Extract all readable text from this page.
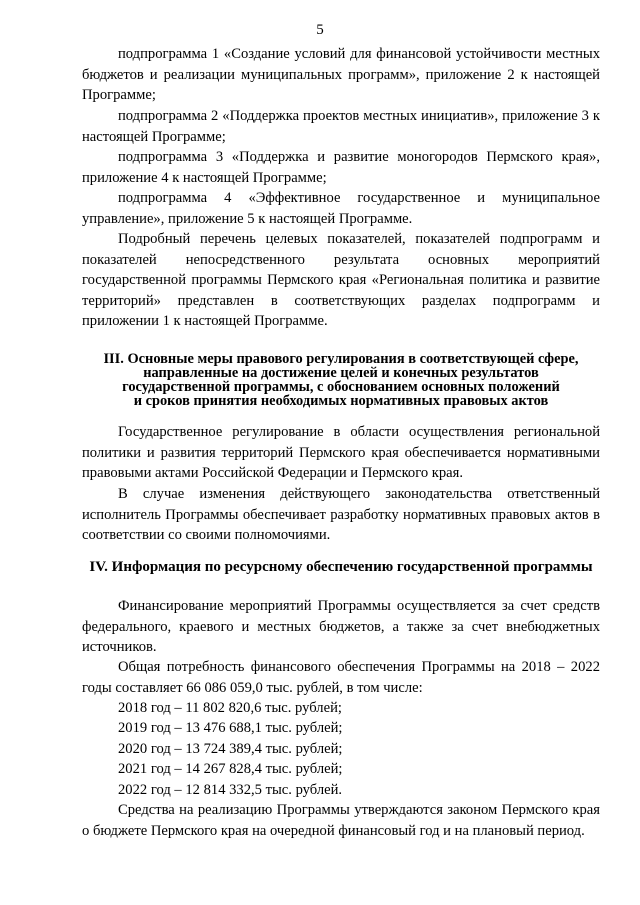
5

подпрограмма 1 «Создание условий для финансовой устойчивости местных бюджетов и реализации муниципальных программ», приложение 2 к настоящей Программе;

подпрограмма 2 «Поддержка проектов местных инициатив», приложение 3 к настоящей Программе;

подпрограмма 3 «Поддержка и развитие моногородов Пермского края», приложение 4 к настоящей Программе;

подпрограмма 4 «Эффективное государственное и муниципальное управление», приложение 5 к настоящей Программе.

Подробный перечень целевых показателей, показателей подпрограмм и показателей непосредственного результата основных мероприятий государственной программы Пермского края «Региональная политика и развитие территорий» представлен в соответствующих разделах подпрограмм и приложении 1 к настоящей Программе.

III. Основные меры правового регулирования в соответствующей сфере,

направленные на достижение целей и конечных результатов

государственной программы, с обоснованием основных положений

и сроков принятия необходимых нормативных правовых актов

Государственное регулирование в области осуществления региональной политики и развития территорий Пермского края обеспечивается нормативными правовыми актами Российской Федерации и Пермского края.

В случае изменения действующего законодательства ответственный исполнитель Программы обеспечивает разработку нормативных правовых актов в соответствии со своими полномочиями.

IV. Информация по ресурсному обеспечению государственной программы

Финансирование мероприятий Программы осуществляется за счет средств федерального, краевого и местных бюджетов, а также за счет внебюджетных источников.

Общая потребность финансового обеспечения Программы на 2018 – 2022 годы составляет 66 086 059,0 тыс. рублей, в том числе:

2018 год – 11 802 820,6 тыс. рублей;

2019 год – 13 476 688,1 тыс. рублей;

2020 год – 13 724 389,4 тыс. рублей;

2021 год – 14 267 828,4 тыс. рублей;

2022 год – 12 814 332,5 тыс. рублей.

Средства на реализацию Программы утверждаются законом Пермского края о бюджете Пермского края на очередной финансовый год и на плановый период.
